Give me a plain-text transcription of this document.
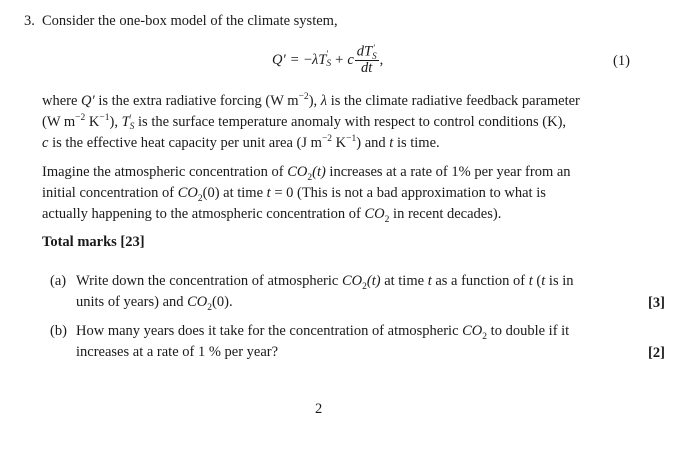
3. Consider the one-box model of the climate system,
Q′ = − λ T ′
S + c dT ′
S
dt ,	(1)
where Q′ is the extra radiative forcing (W $m^{-2}$), λ is the climate radiative feedback parameter
(W $m^{-2}$ $K^{-1}$), T ′
S is the surface temperature anomaly with respect to control conditions (K),
c is the effective heat capacity per unit area (J $m^{-2}$ $K^{-1}$) and t is time.
Imagine the atmospheric concentration of $CO_2(t)$ increases at a rate of 1% per year from an
initial concentration of $CO_2(0)$ at time t = 0 (This is not a bad approximation to what is
actually happening to the atmospheric concentration of $CO_2$ in recent decades).
Total marks [23]
(a) Write down the concentration of atmospheric $CO_2(t)$ at time t as a function of t (t is in
units of years) and $CO_2(0)$.	[3]
(b) How many years does it take for the concentration of atmospheric $CO_2$ to double if it
increases at a rate of 1 % per year?	[2]
2
